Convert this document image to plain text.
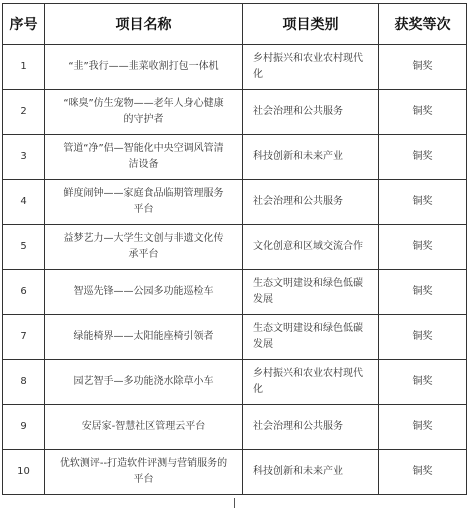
序号	项目名称	项目类别	获奖等次
1	“韭”我行——韭菜收割打包一体机	乡村振兴和农业农村现代化	铜奖
2	“咪臭”仿生宠物——老年人身心健康的守护者	社会治理和公共服务	铜奖
3	管道“净”侣—智能化中央空调风管清洁设备	科技创新和未来产业	铜奖
4	鲜度闹钟——家庭食品临期管理服务平台	社会治理和公共服务	铜奖
5	益梦艺力—大学生文创与非遗文化传承平台	文化创意和区域交流合作	铜奖
6	智巡先锋——公园多功能巡检车	生态文明建设和绿色低碳发展	铜奖
7	绿能椅界——太阳能座椅引领者	生态文明建设和绿色低碳发展	铜奖
8	园艺智手—多功能浇水除草小车	乡村振兴和农业农村现代化	铜奖
9	安居家-智慧社区管理云平台	社会治理和公共服务	铜奖
10	优软测评--打造软件评测与营销服务的平台	科技创新和未来产业	铜奖
